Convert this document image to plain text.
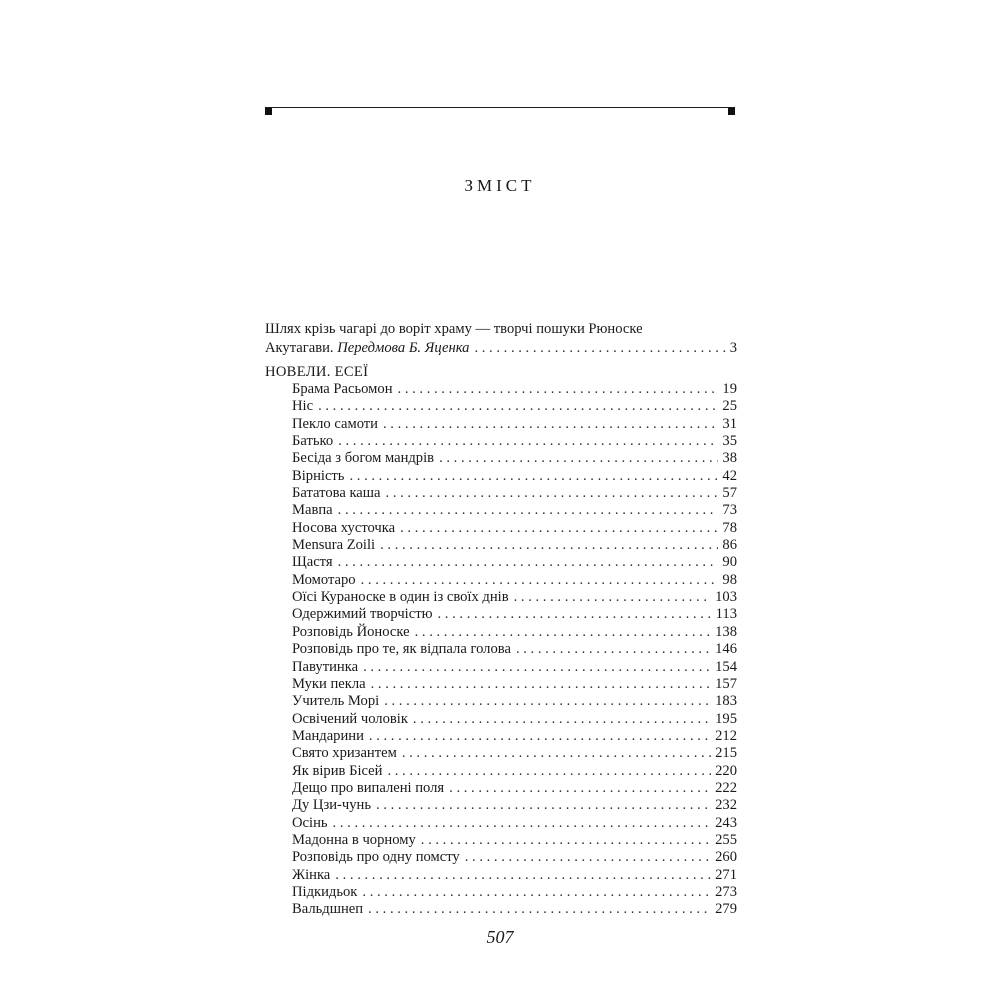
ЗМІСТ
Шлях крізь чагарі до воріт храму — творчі пошуки Рюноске
Акутагави. Передмова Б. Яценка . . .	3
НОВЕЛИ. ЕСЕЇ
Брама Расьомон . . .	19
Ніс . . .	25
Пекло самоти . . .	31
Батько . . .	35
Бесіда з богом мандрів . . .	38
Вірність . . .	42
Бататова каша . . .	57
Мавпа . . .	73
Носова хусточка . . .	78
Mensura Zoili . . .	86
Щастя . . .	90
Момотаро . . .	98
Оїсі Кураноске в один із своїх днів . . .	103
Одержимий творчістю . . .	113
Розповідь Йоноске . . .	138
Розповідь про те, як відпала голова . . .	146
Павутинка . . .	154
Муки пекла . . .	157
Учитель Морі . . .	183
Освічений чоловік . . .	195
Мандарини . . .	212
Свято хризантем . . .	215
Як вірив Бісей . . .	220
Дещо про випалені поля . . .	222
Ду Цзи-чунь . . .	232
Осінь . . .	243
Мадонна в чорному . . .	255
Розповідь про одну помсту . . .	260
Жінка . . .	271
Підкидьок . . .	273
Вальдшнеп . . .	279
507
